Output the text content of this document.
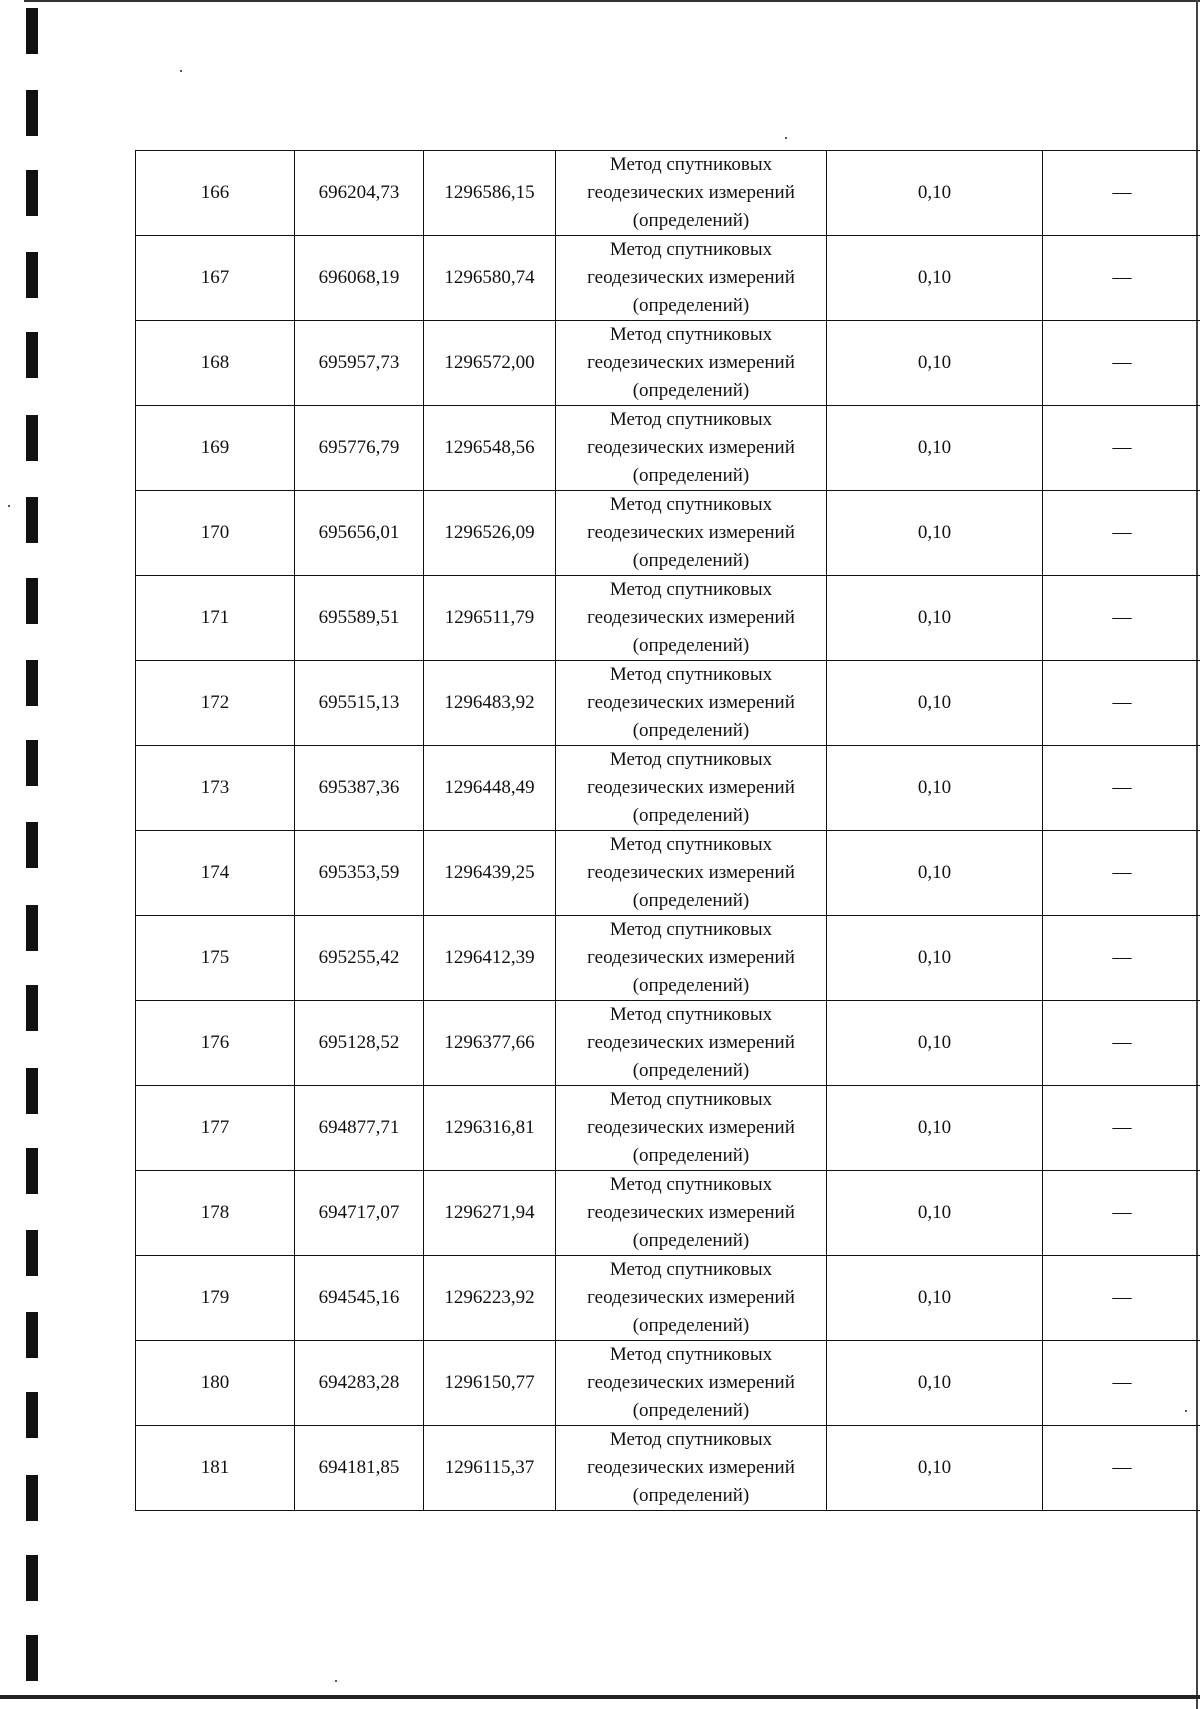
166	696204,73	1296586,15	Метод спутниковых
геодезических измерений
(определений)	0,10	—
167	696068,19	1296580,74	Метод спутниковых
геодезических измерений
(определений)	0,10	—
168	695957,73	1296572,00	Метод спутниковых
геодезических измерений
(определений)	0,10	—
169	695776,79	1296548,56	Метод спутниковых
геодезических измерений
(определений)	0,10	—
170	695656,01	1296526,09	Метод спутниковых
геодезических измерений
(определений)	0,10	—
171	695589,51	1296511,79	Метод спутниковых
геодезических измерений
(определений)	0,10	—
172	695515,13	1296483,92	Метод спутниковых
геодезических измерений
(определений)	0,10	—
173	695387,36	1296448,49	Метод спутниковых
геодезических измерений
(определений)	0,10	—
174	695353,59	1296439,25	Метод спутниковых
геодезических измерений
(определений)	0,10	—
175	695255,42	1296412,39	Метод спутниковых
геодезических измерений
(определений)	0,10	—
176	695128,52	1296377,66	Метод спутниковых
геодезических измерений
(определений)	0,10	—
177	694877,71	1296316,81	Метод спутниковых
геодезических измерений
(определений)	0,10	—
178	694717,07	1296271,94	Метод спутниковых
геодезических измерений
(определений)	0,10	—
179	694545,16	1296223,92	Метод спутниковых
геодезических измерений
(определений)	0,10	—
180	694283,28	1296150,77	Метод спутниковых
геодезических измерений
(определений)	0,10	—
181	694181,85	1296115,37	Метод спутниковых
геодезических измерений
(определений)	0,10	—
